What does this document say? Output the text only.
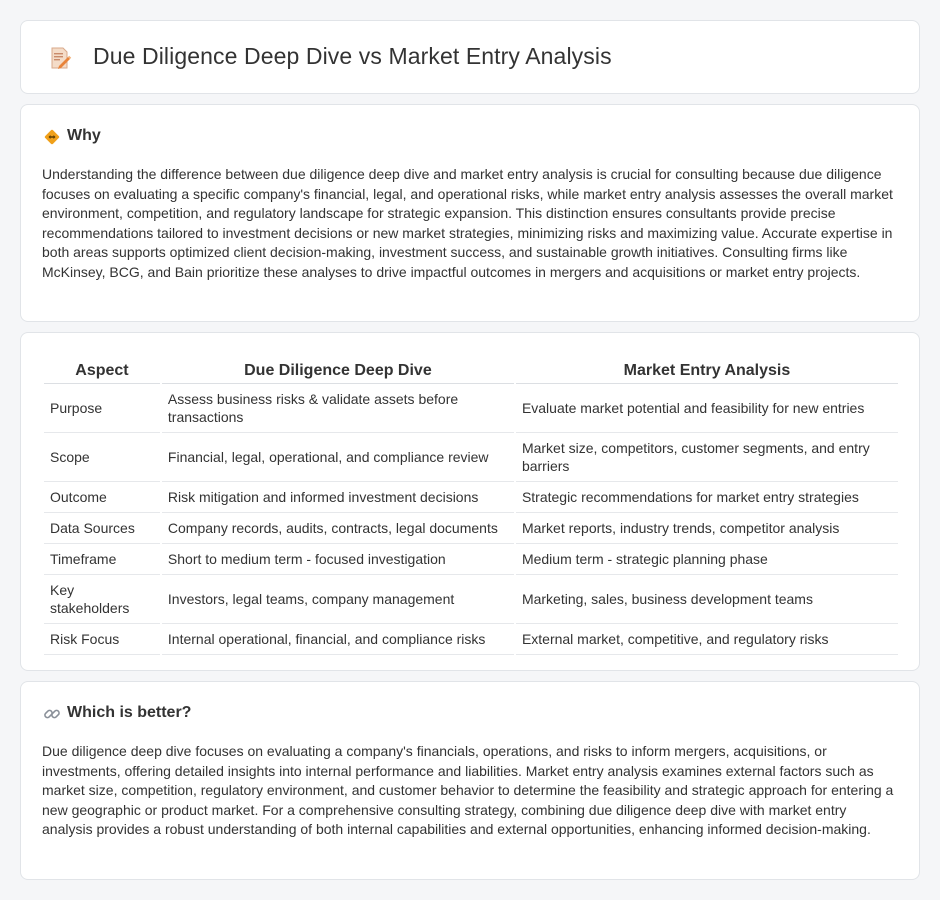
Due Diligence Deep Dive vs Market Entry Analysis
Why

Understanding the difference between due diligence deep dive and market entry analysis is crucial for consulting because due diligence focuses on evaluating a specific company's financial, legal, and operational risks, while market entry analysis assesses the overall market environment, competition, and regulatory landscape for strategic expansion. This distinction ensures consultants provide precise recommendations tailored to investment decisions or new market strategies, minimizing risks and maximizing value. Accurate expertise in both areas supports optimized client decision-making, investment success, and sustainable growth initiatives. Consulting firms like McKinsey, BCG, and Bain prioritize these analyses to drive impactful outcomes in mergers and acquisitions or market entry projects.

Aspect	Due Diligence Deep Dive	Market Entry Analysis
Purpose	Assess business risks & validate assets before transactions	Evaluate market potential and feasibility for new entries
Scope	Financial, legal, operational, and compliance review	Market size, competitors, customer segments, and entry barriers
Outcome	Risk mitigation and informed investment decisions	Strategic recommendations for market entry strategies
Data Sources	Company records, audits, contracts, legal documents	Market reports, industry trends, competitor analysis
Timeframe	Short to medium term - focused investigation	Medium term - strategic planning phase
Key stakeholders	Investors, legal teams, company management	Marketing, sales, business development teams
Risk Focus	Internal operational, financial, and compliance risks	External market, competitive, and regulatory risks
Which is better?

Due diligence deep dive focuses on evaluating a company's financials, operations, and risks to inform mergers, acquisitions, or investments, offering detailed insights into internal performance and liabilities. Market entry analysis examines external factors such as market size, competition, regulatory environment, and customer behavior to determine the feasibility and strategic approach for entering a new geographic or product market. For a comprehensive consulting strategy, combining due diligence deep dive with market entry analysis provides a robust understanding of both internal capabilities and external opportunities, enhancing informed decision-making.
